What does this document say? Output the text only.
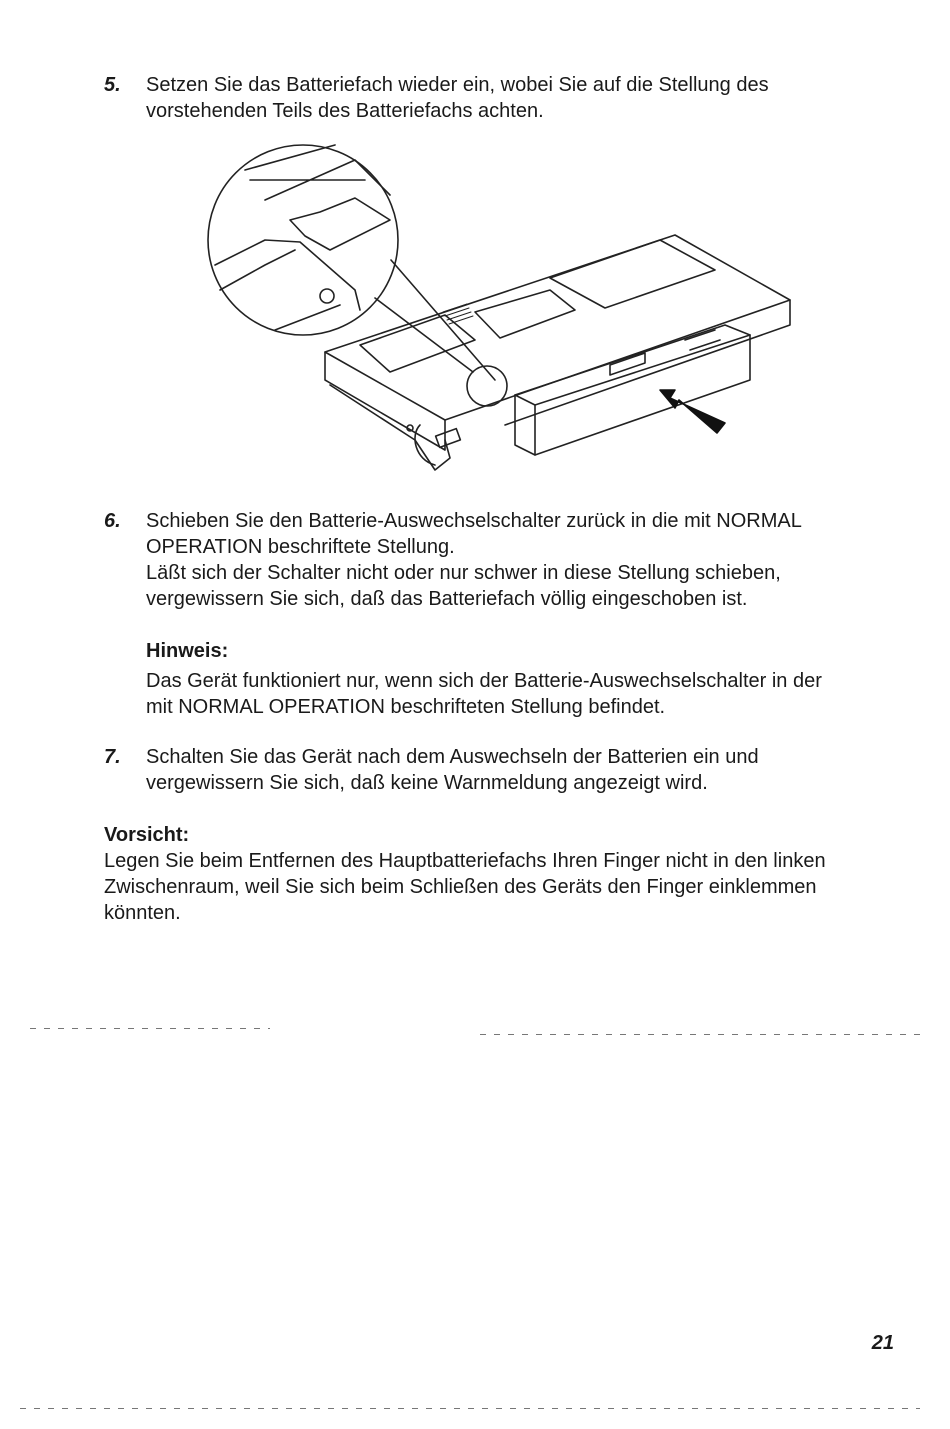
5. Setzen Sie das Batteriefach wieder ein, wobei Sie auf die Stellung des

vorstehenden Teils des Batteriefachs achten.

6. Schieben Sie den Batterie-Auswechselschalter zurück in die mit NORMAL

OPERATION beschriftete Stellung.

Läßt sich der Schalter nicht oder nur schwer in diese Stellung schieben,

vergewissern Sie sich, daß das Batteriefach völlig eingeschoben ist.

Hinweis:

Das Gerät funktioniert nur, wenn sich der Batterie-Auswechselschalter in der

mit NORMAL OPERATION beschrifteten Stellung befindet.

7. Schalten Sie das Gerät nach dem Auswechseln der Batterien ein und

vergewissern Sie sich, daß keine Warnmeldung angezeigt wird.

Vorsicht:

Legen Sie beim Entfernen des Hauptbatteriefachs Ihren Finger nicht in den linken

Zwischenraum, weil Sie sich beim Schließen des Geräts den Finger einklemmen

könnten.

21
